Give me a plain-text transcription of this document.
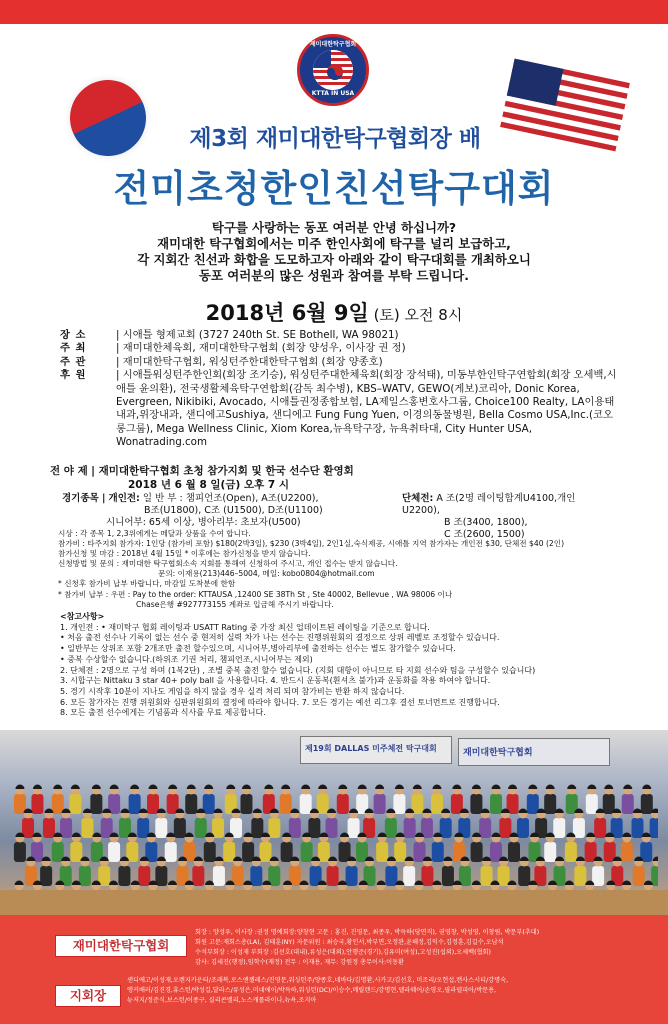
재미대한탁구협회
KTTA IN USA
제3회 재미대한탁구협회장 배
전미초청한인친선탁구대회
탁구를 사랑하는 동포 여러분 안녕 하십니까?
재미대한 탁구협회에서는 미주 한인사회에 탁구를 널리 보급하고,
각 지회간 친선과 화합을 도모하고자 아래와 같이 탁구대회를 개최하오니
동포 여러분의 많은 성원과 참여를 부탁 드립니다.
2018년 6월 9일 (토) 오전 8시
장 소	| 시애틀 형제교회 (3727 240th St. SE Bothell, WA 98021)
주 최	| 재미대한체육회, 재미대한탁구협회 (회장 양성우, 이사장 권 정)
주 관	| 재미대한탁구협회, 워싱턴주한대한탁구협회 (회장 양종호)
후 원	| 시애틀워싱턴주한인회(회장 조기승), 워싱턴주대한체육회(회장 장석태), 미동부한인탁구연합회(회장 오세백,시애틀 윤의환), 전국생활체육탁구연합회(감독 최수병), KBS–WATV, GEWO(게보)코리아, Donic Korea, Evergreen, Nikibiki, Avocado, 시애틀권정종합보험, LA제일스홍변호사그룹, Choice100 Realty, LA이용태내과,위장내과, 샌디에고Sushiya, 샌디에고 Fung Fung Yuen, 이경의동물병원, Bella Cosmo USA,Inc.(코오롱그룹), Mega Wellness Clinic, Xiom Korea,뉴욕탁구장, 뉴욕취타대, City Hunter USA, Wonatrading.com
전 야 제 | 재미대한탁구협회 초청 참가지회 및 한국 선수단 환영회
2018 년 6 월 8 일(금) 오후 7 시
경기종목 | 개인전: 일 반 부 : 챔피언조(Open), A조(U2200),
B조(U1800), C조 (U1500), D조(U1100)
시니어부: 65세 이상, 병아리부: 초보자(U500)
단체전: A 조(2명 레이팅합계U4100,개인U2200),
B 조(3400, 1800),
C 조(2600, 1500)

시상 : 각 종목 1, 2,3위에게는 메달과 상품을 수여 합니다.

참가비 : 타주지회 참가자: 1인당 (참가비 포함) $180(2박3일), $230 (3박4일), 2인1실,숙식제공, 시애틀 지역 참가자는 개인전 $30, 단체전 $40 (2인)

참가신청 및 마감 : 2018년 4월 15일 * 이후에는 참가신청을 받지 않습니다.

신청방법 및 문의 : 재미대한 탁구협회소속 지회를 통해여 신청하여 주시고, 개인 접수는 받지 않습니다.

문의: 이재용(213)446–5004, 메일: kobo0804@hotmail.com

* 신청후 참가비 납부 바랍니다, 마감일 도착분에 한함

* 참가비 납부 : 우편 : Pay to the order: KTTAUSA ,12400 SE 38Th St , Ste 40002, Bellevue , WA 98006 이나

Chase은행 #927773155 계좌로 입금해 주시기 바랍니다.

<참고사항>

1. 개인전 : • 재미탁구 협회 레이팅과 USATT Rating 중 가장 최신 업데이트된 레이팅을 기준으로 합니다.

• 처음 출전 선수나 기록이 없는 선수 중 현저히 실력 차가 나는 선수는 진행위원회의 결정으로 상위 레벨로 조정할수 있습니다.

• 일반부는 상위조 포함 2개조만 출전 할수있으며, 시니어부,병아리부에 출전하는 선수는 별도 참가할수 있습니다.

• 중복 수상할수 없습니다.(하위조 기권 처리, 챔피언조,시니어부는 제외)

2. 단체전 : 2명으로 구성 하며 (1복2단) , 조별 중복 출전 할수 없습니다. (지회 대항이 아니므로 타 지회 선수와 팀을 구성할수 있습니다)

3. 시합구는 Nittaku 3 star 40+ poly ball 을 사용합니다. 4. 반드시 운동복(흰셔츠 불가)과 운동화를 착용 하여야 합니다.

5. 경기 시작후 10분이 지나도 게임을 하지 않을 경우 실격 처리 되며 참가비는 반환 하지 않습니다.

6. 모든 참가자는 진행 위원회와 심판위원회의 결정에 따라야 합니다. 7. 모든 경기는 예선 리그후 결선 토너먼트로 진행합니다.

8. 모든 출전 선수에게는 기념품과 식사를 무료 제공합니다.

제19회 DALLAS 미주체전 탁구대회	재미대한탁구협회
재미대한탁구협회
지회장

회장 : 양성우, 이사장 :권정 명예회장:양창현 고문 : 홍진, 진영문, 최종우, 박득하(당연직), 권영창, 박성영, 이창림, 박문부(추대)

회원 고문:재회스총(LA), 김태훈(NY) 자문위원 : 최승국,황인서,박부면,오정완,윤해정,김익수,김정훈,김길수,오남석

수석부회장 : 이성재 부회장 :김선호(대내),류성은(대외),안행준(경기),김유미(여성),고성진(섭외),오세백(협회)

감사: 김세진(행정),임학수(재정) 전무 : 이재용, 재무: 강원정 총무이사:이동환

샌디에고/이성재,오렌지카운티/조래복,로스앤젤레스/진영문,워싱턴주/양종호,네바다/김명환,시카고/김선호, 미조리/오헌섭,캔사스시티/강명숙,

앵커배러/김진경,휴스턴/박성길,달라스/류성은,미네에이/박득하,워싱턴(DC)/이승수,메릴랜드/강명현,델라웨어/손영오,필라델피아/박문용,

뉴저지/정준식,보스턴/이종구, 실리콘밸리,노스캐롤라이나,뉴욕,조지아
